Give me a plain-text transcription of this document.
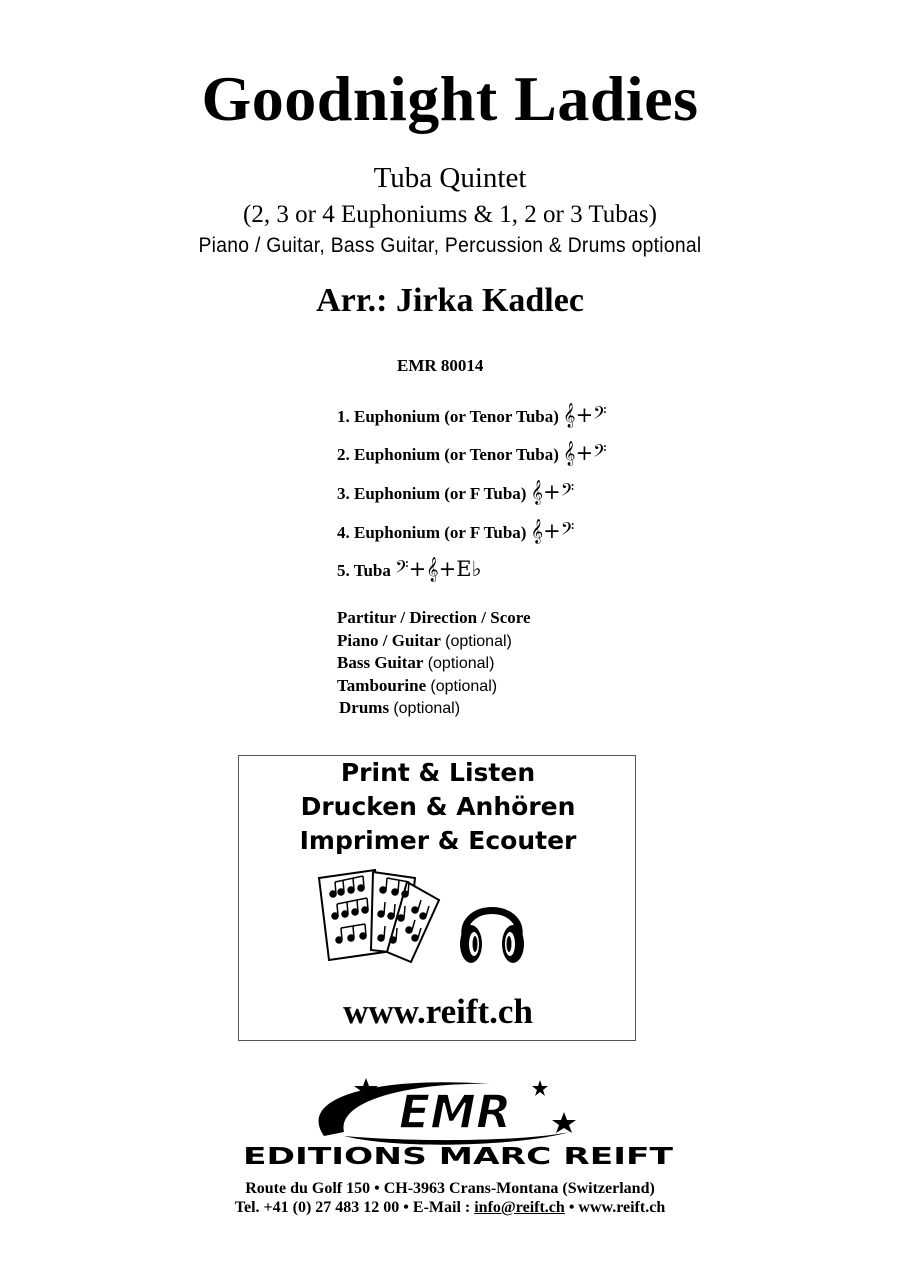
Goodnight Ladies
Tuba Quintet
(2, 3 or 4 Euphoniums & 1, 2 or 3 Tubas)
Piano / Guitar, Bass Guitar, Percussion & Drums optional
Arr.: Jirka Kadlec
EMR 80014
1. Euphonium (or Tenor Tuba) 𝄞+𝄢
2. Euphonium (or Tenor Tuba) 𝄞+𝄢
3. Euphonium (or F Tuba) 𝄞+𝄢
4. Euphonium (or F Tuba) 𝄞+𝄢
5. Tuba 𝄢+𝄞+E♭
Partitur / Direction / Score
Piano / Guitar (optional)
Bass Guitar (optional)
Tambourine (optional)
Drums (optional)
Print & Listen
Drucken & Anhören
Imprimer & Ecouter
www.reift.ch
EMR
EDITIONS MARC REIFT
Route du Golf 150 • CH-3963 Crans-Montana (Switzerland)
Tel. +41 (0) 27 483 12 00 • E-Mail : info@reift.ch • www.reift.ch
